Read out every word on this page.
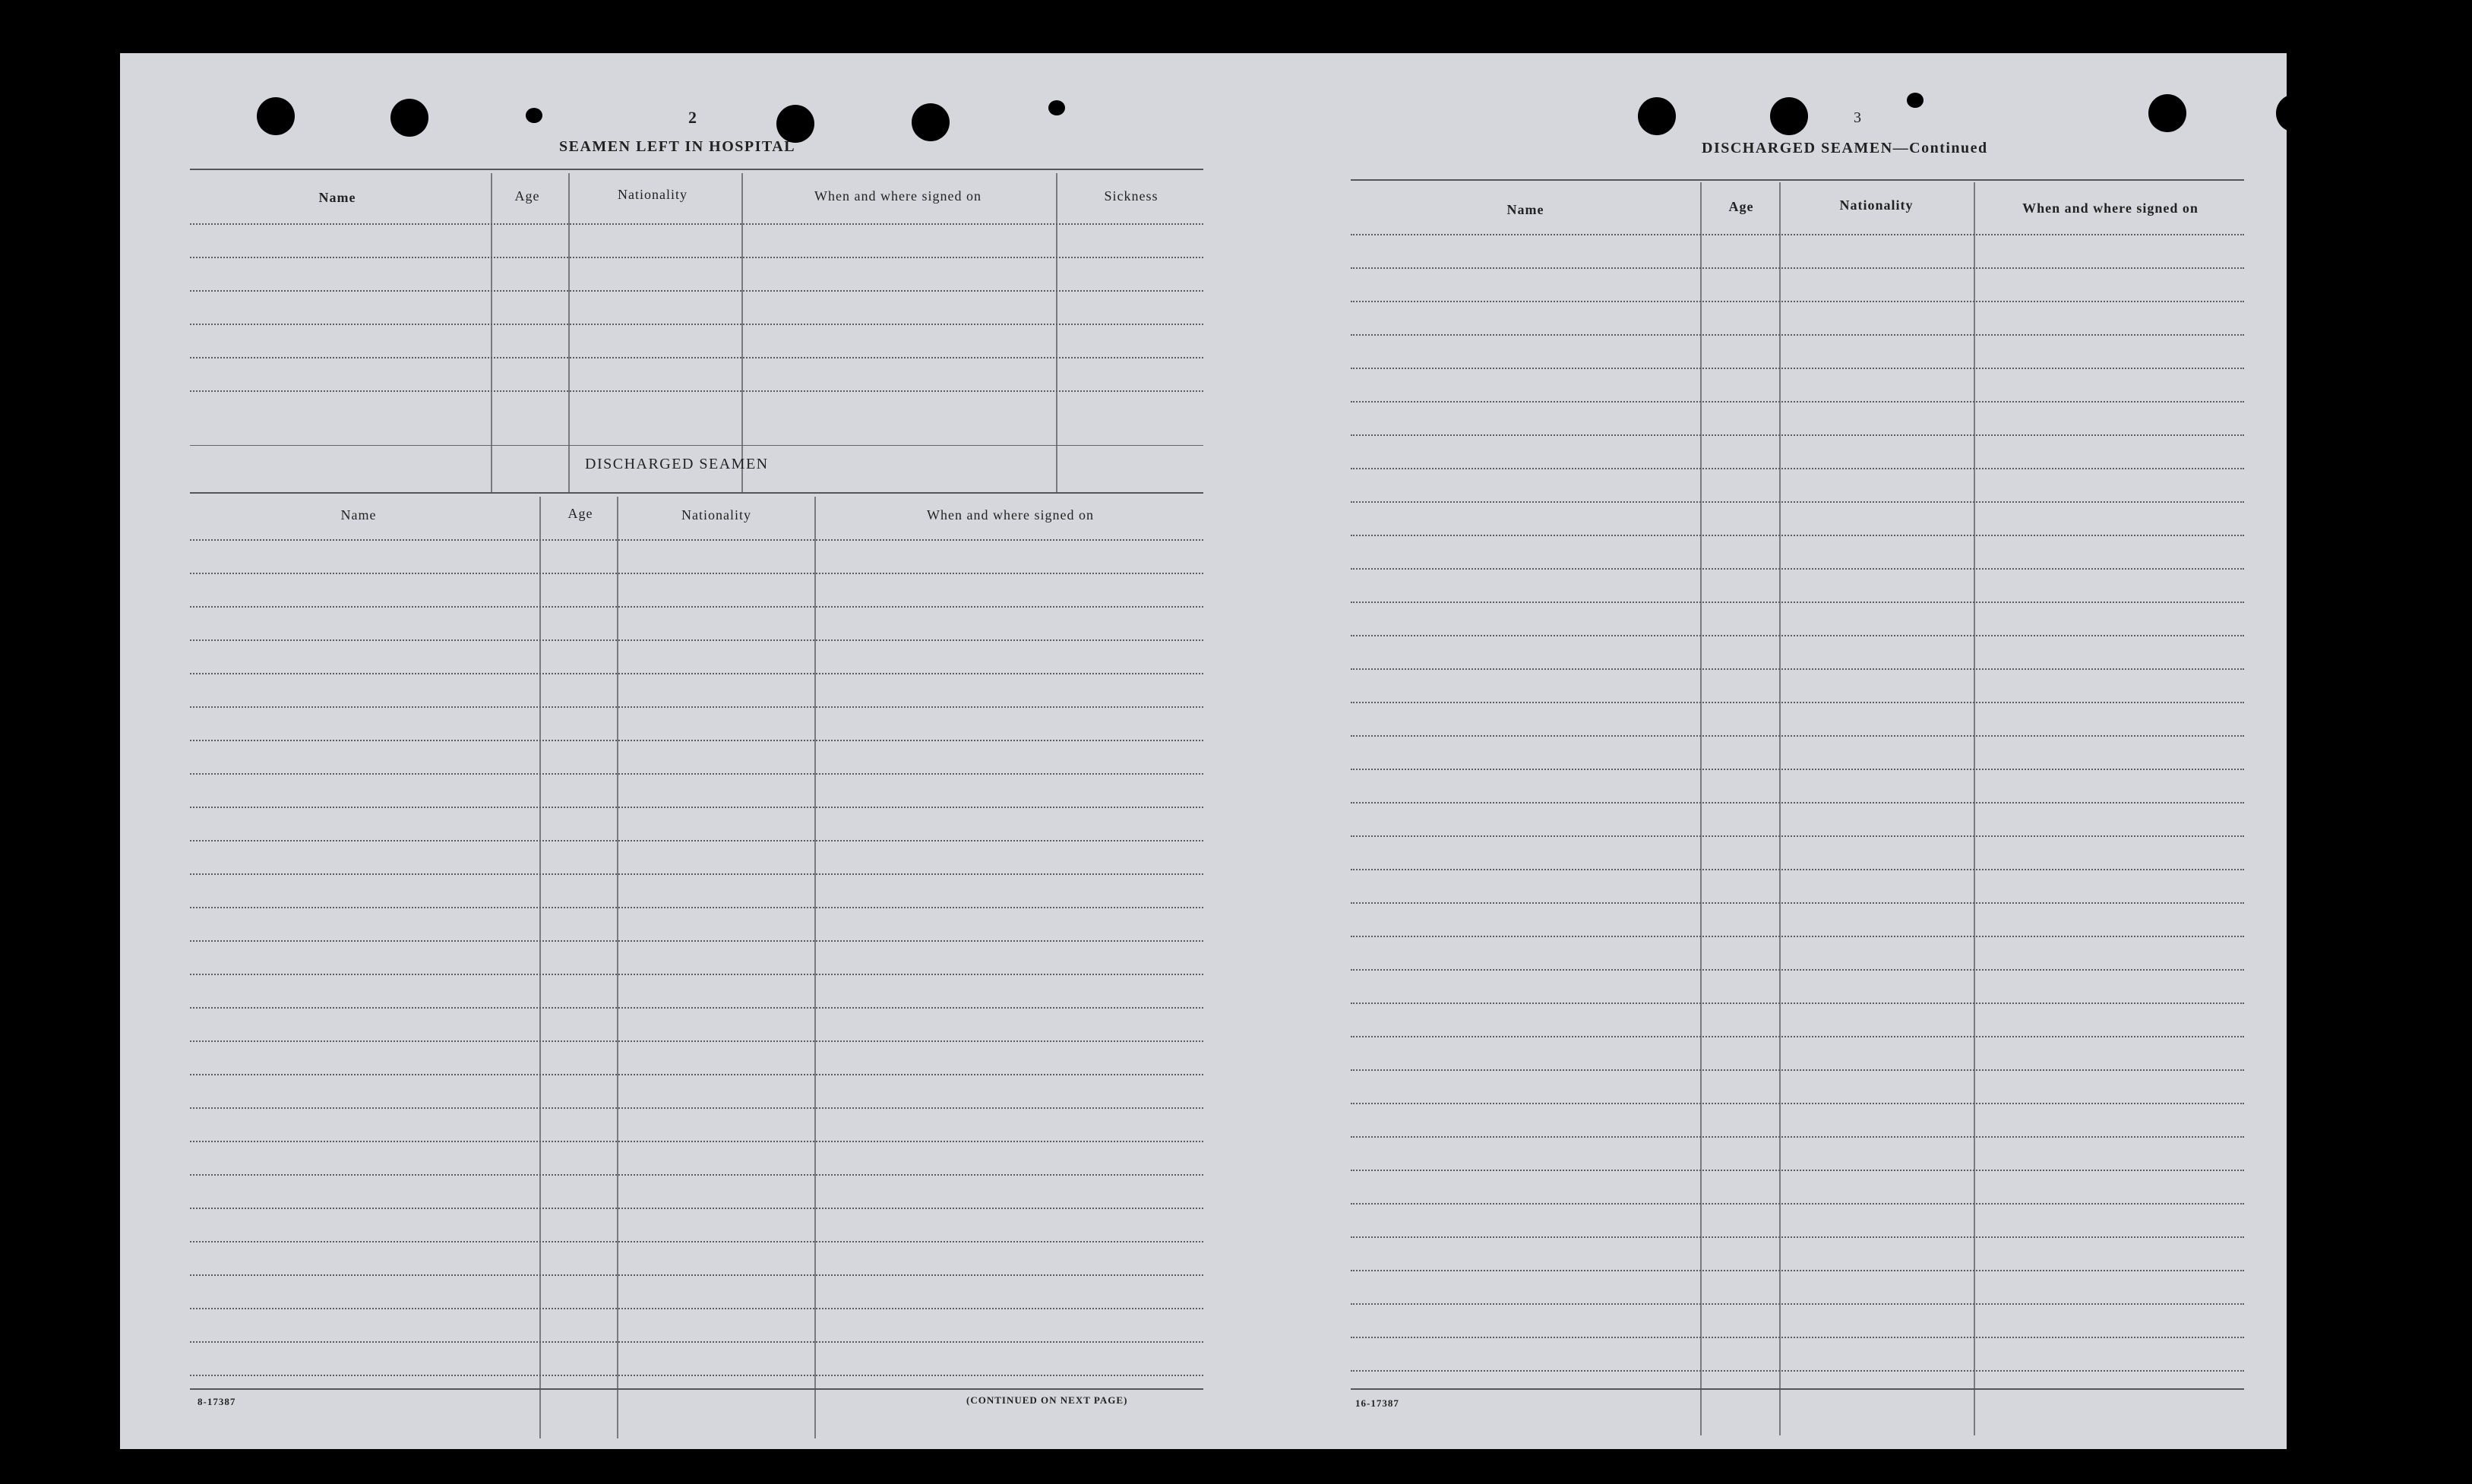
2
SEAMEN LEFT IN HOSPITAL
Name	Age	Nationality	When and where signed on	Sickness
DISCHARGED SEAMEN
Name	Age	Nationality	When and where signed on
8-17387	(CONTINUED ON NEXT PAGE)
3
DISCHARGED SEAMEN—Continued
Name	Age	Nationality	When and where signed on
16-17387
